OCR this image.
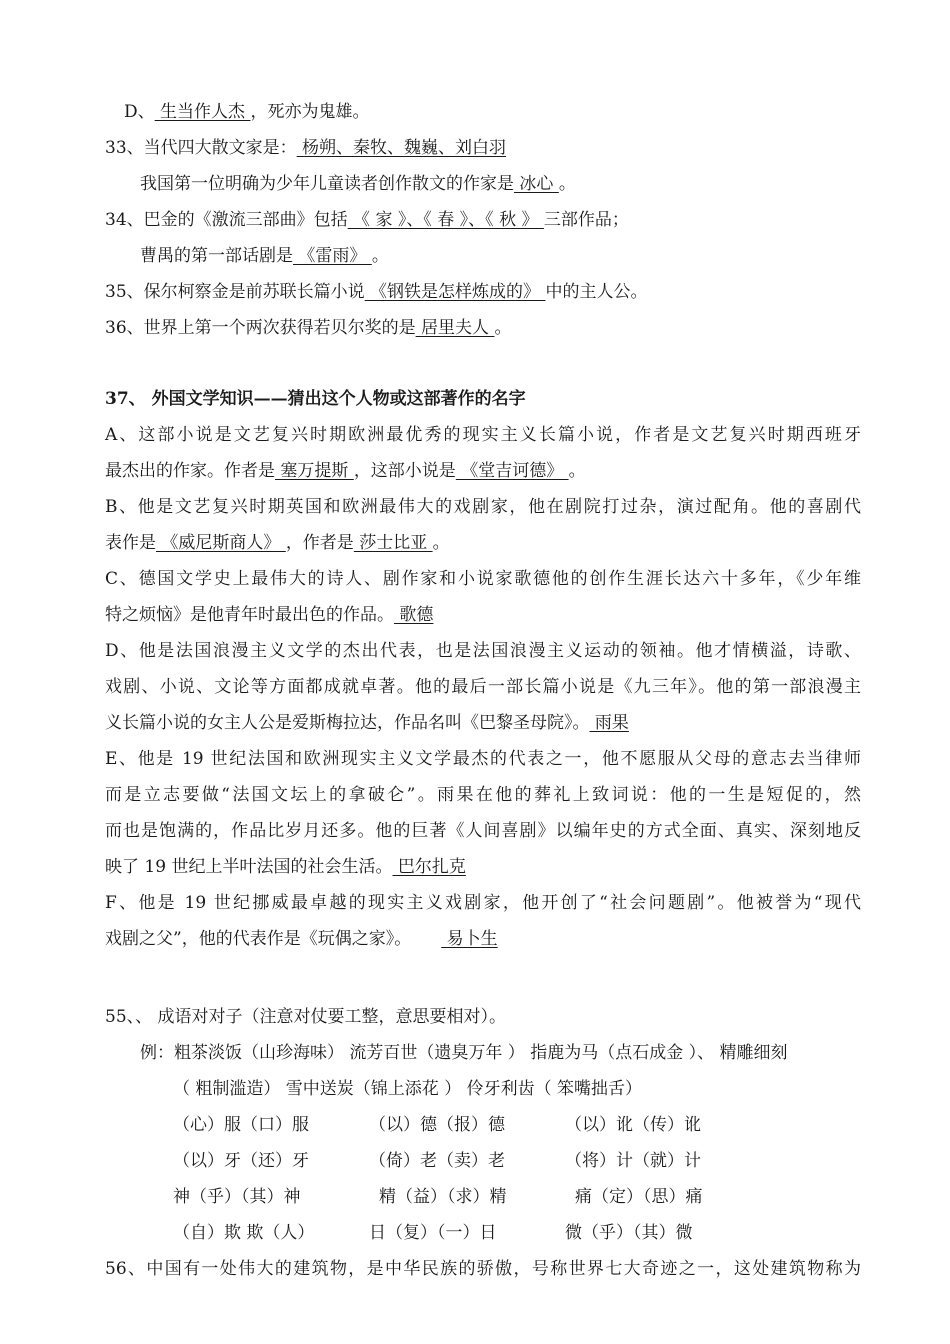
D、 生当作人杰 ，死亦为鬼雄。
33、当代四大散文家是： 杨朔、秦牧、魏巍、刘白羽
我国第一位明确为少年儿童读者创作散文的作家是 冰心 。
34、巴金的《激流三部曲》包括 《 家 》、《 春 》、《 秋 》 三部作品；
曹禺的第一部话剧是 《雷雨》 。
35、保尔柯察金是前苏联长篇小说 《钢铁是怎样炼成的》 中的主人公。
36、世界上第一个两次获得若贝尔奖的是 居里夫人 。
37、 外国文学知识——猜出这个人物或这部著作的名字
A、这部小说是文艺复兴时期欧洲最优秀的现实主义长篇小说，作者是文艺复兴时期西班牙
最杰出的作家。作者是 塞万提斯 ，这部小说是 《堂吉诃德》 。
B、他是文艺复兴时期英国和欧洲最伟大的戏剧家，他在剧院打过杂，演过配角。他的喜剧代
表作是 《威尼斯商人》 ，作者是 莎士比亚 。
C、德国文学史上最伟大的诗人、剧作家和小说家歌德他的创作生涯长达六十多年，《少年维
特之烦恼》是他青年时最出色的作品。 歌德
D、他是法国浪漫主义文学的杰出代表，也是法国浪漫主义运动的领袖。他才情横溢，诗歌、
戏剧、小说、文论等方面都成就卓著。他的最后一部长篇小说是《九三年》。他的第一部浪漫主
义长篇小说的女主人公是爱斯梅拉达，作品名叫《巴黎圣母院》。 雨果
E、他是 19 世纪法国和欧洲现实主义文学最杰的代表之一，他不愿服从父母的意志去当律师
而是立志要做“法国文坛上的拿破仑”。雨果在他的葬礼上致词说：他的一生是短促的，然
而也是饱满的，作品比岁月还多。他的巨著《人间喜剧》以编年史的方式全面、真实、深刻地反
映了 19 世纪上半叶法国的社会生活。 巴尔扎克
F、他是 19 世纪挪威最卓越的现实主义戏剧家，他开创了“社会问题剧”。他被誉为“现代
戏剧之父”，他的代表作是《玩偶之家》。 易卜生
55、、 成语对对子（注意对仗要工整，意思要相对）。
例：粗茶淡饭（山珍海味） 流芳百世（遗臭万年 ） 指鹿为马（点石成金 ）、 精雕细刻
（ 粗制滥造） 雪中送炭（锦上添花 ） 伶牙利齿（ 笨嘴拙舌）
（心）服（口）服	（以）德（报）德	（以）讹（传）讹
（以）牙（还）牙	（倚）老（卖）老	（将）计（就）计
神（乎）（其）神	精（益）（求）精	痛（定）（思）痛
（自）欺 欺（人）	日（复）（一）日	微（乎）（其）微
56、中国有一处伟大的建筑物，是中华民族的骄傲，号称世界七大奇迹之一，这处建筑物称为
